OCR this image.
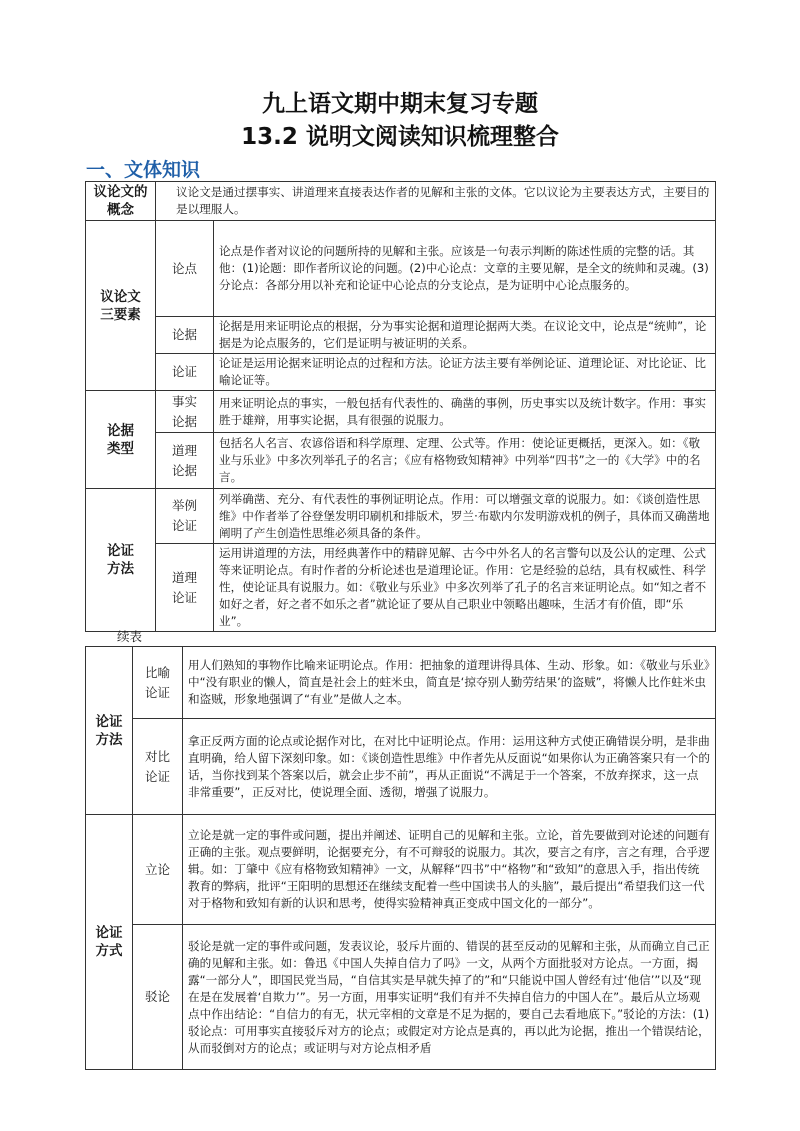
九上语文期中期末复习专题
13.2 说明文阅读知识梳理整合
一、文体知识
议论文的概念	议论文是通过摆事实、讲道理来直接表达作者的见解和主张的文体。它以议论为主要表达方式，主要目的是以理服人。	
议论文三要素	论点	论点是作者对议论的问题所持的见解和主张。应该是一句表示判断的陈述性质的完整的话。其他：(1)论题：即作者所议论的问题。(2)中心论点：文章的主要见解，是全文的统帅和灵魂。(3)分论点：各部分用以补充和论证中心论点的分支论点，是为证明中心论点服务的。
	论据	论据是用来证明论点的根据，分为事实论据和道理论据两大类。在议论文中，论点是“统帅”，论据是为论点服务的，它们是证明与被证明的关系。
	论证	论证是运用论据来证明论点的过程和方法。论证方法主要有举例论证、道理论证、对比论证、比喻论证等。
论据类型	事实论据	用来证明论点的事实，一般包括有代表性的、确凿的事例，历史事实以及统计数字。作用：事实胜于雄辩，用事实论据，具有很强的说服力。
	道理论据	包括名人名言、农谚俗语和科学原理、定理、公式等。作用：使论证更概括，更深入。如：《敬业与乐业》中多次列举孔子的名言；《应有格物致知精神》中列举“四书”之一的《大学》中的名言。
论证方法	举例论证	列举确凿、充分、有代表性的事例证明论点。作用：可以增强文章的说服力。如：《谈创造性思维》中作者举了谷登堡发明印刷机和排版术，罗兰·布歇内尔发明游戏机的例子，具体而又确凿地阐明了产生创造性思维必须具备的条件。
	道理论证	运用讲道理的方法，用经典著作中的精辟见解、古今中外名人的名言警句以及公认的定理、公式等来证明论点。有时作者的分析论述也是道理论证。作用：它是经验的总结，具有权威性、科学性，使论证具有说服力。如：《敬业与乐业》中多次列举了孔子的名言来证明论点。如“知之者不如好之者，好之者不如乐之者”就论证了要从自己职业中领略出趣味，生活才有价值，即“乐业”。
续表
论证方法	比喻论证	用人们熟知的事物作比喻来证明论点。作用：把抽象的道理讲得具体、生动、形象。如：《敬业与乐业》中“没有职业的懒人，简直是社会上的蛀米虫，简直是‘掠夺别人勤劳结果’的盗贼”，将懒人比作蛀米虫和盗贼，形象地强调了“有业”是做人之本。
	对比论证	拿正反两方面的论点或论据作对比，在对比中证明论点。作用：运用这种方式使正确错误分明，是非曲直明确，给人留下深刻印象。如：《谈创造性思维》中作者先从反面说“如果你认为正确答案只有一个的话，当你找到某个答案以后，就会止步不前”，再从正面说“不满足于一个答案，不放弃探求，这一点非常重要”，正反对比，使说理全面、透彻，增强了说服力。
论证方式	立论	立论是就一定的事件或问题，提出并阐述、证明自己的见解和主张。立论，首先要做到对论述的问题有正确的主张。观点要鲜明，论据要充分，有不可辩驳的说服力。其次，要言之有序，言之有理，合乎逻辑。如：丁肇中《应有格物致知精神》一文，从解释“四书”中“格物”和“致知”的意思入手，指出传统教育的弊病，批评“王阳明的思想还在继续支配着一些中国读书人的头脑”，最后提出“希望我们这一代对于格物和致知有新的认识和思考，使得实验精神真正变成中国文化的一部分”。
	驳论	驳论是就一定的事件或问题，发表议论，驳斥片面的、错误的甚至反动的见解和主张，从而确立自己正确的见解和主张。如：鲁迅《中国人失掉自信力了吗》一文，从两个方面批驳对方论点。一方面，揭露“一部分人”，即国民党当局，“自信其实是早就失掉了的”和“只能说中国人曾经有过‘他信’”以及“现在是在发展着‘自欺力’”。另一方面，用事实证明“我们有并不失掉自信力的中国人在”。最后从立场观点中作出结论：“自信力的有无，状元宰相的文章是不足为据的，要自己去看地底下。”驳论的方法：(1)驳论点：可用事实直接驳斥对方的论点；或假定对方论点是真的，再以此为论据，推出一个错误结论，从而驳倒对方的论点；或证明与对方论点相矛盾
